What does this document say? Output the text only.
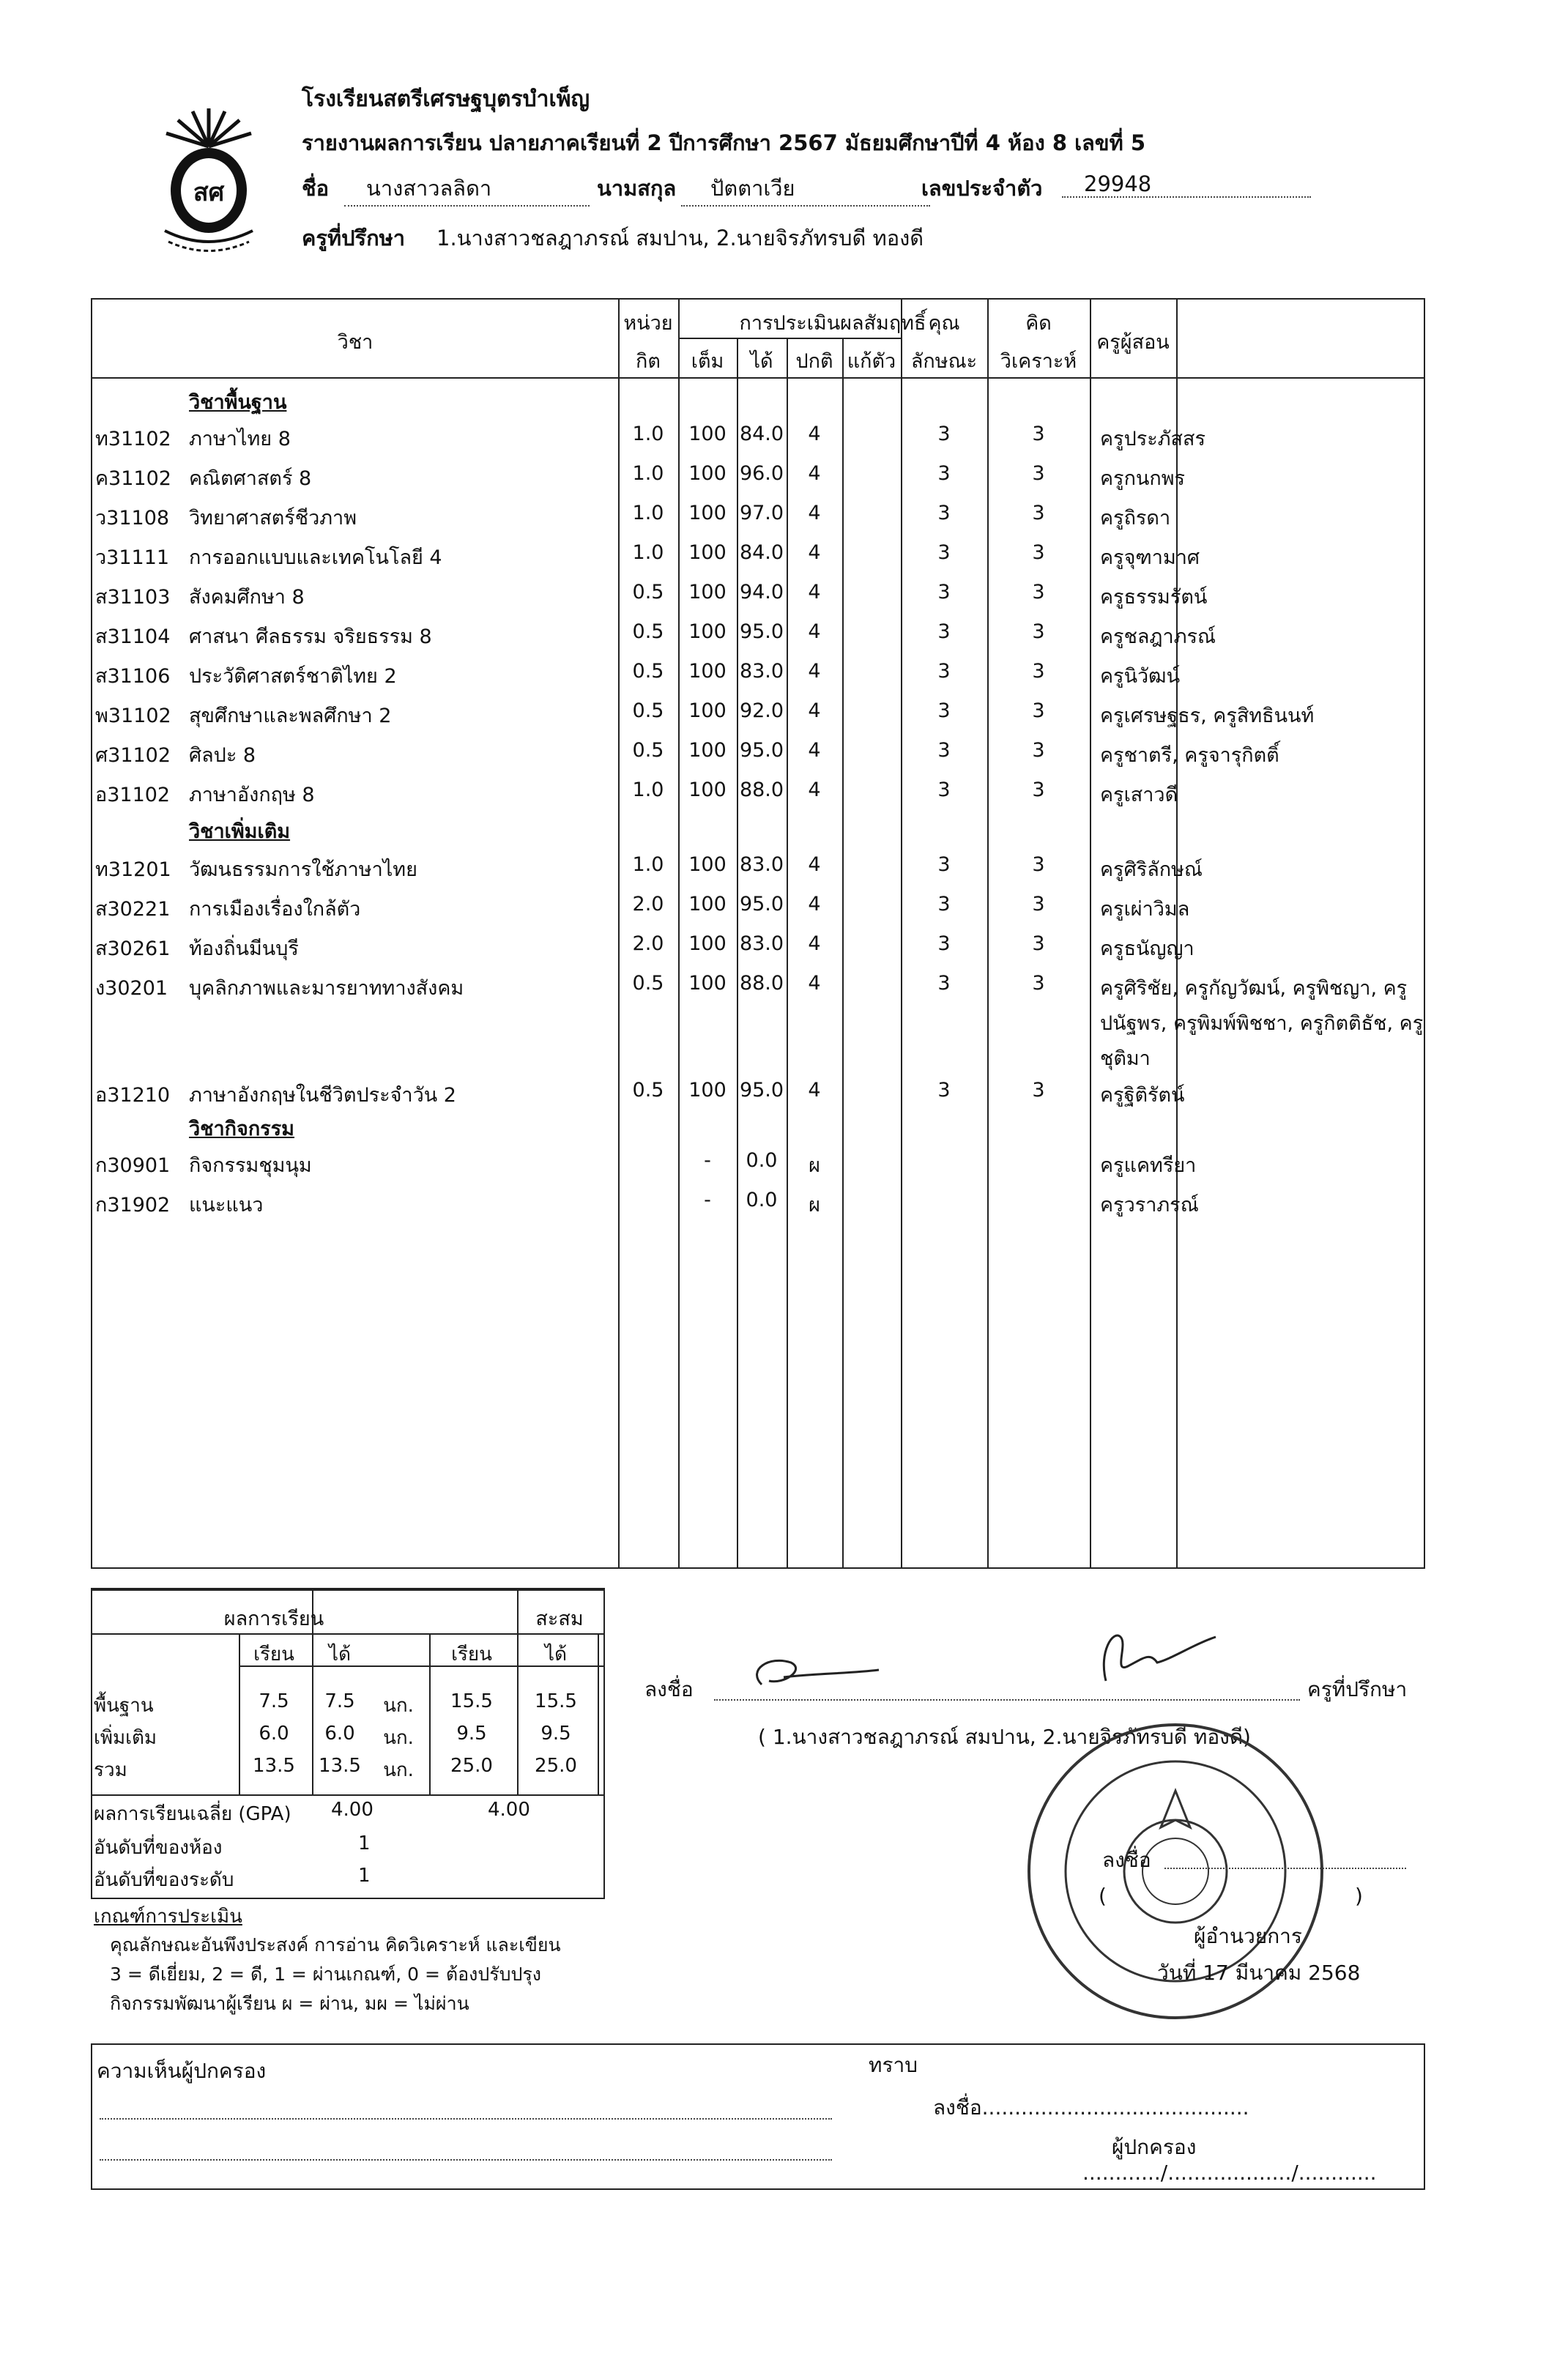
สศ
โรงเรียนสตรีเศรษฐบุตรบำเพ็ญ
รายงานผลการเรียน ปลายภาคเรียนที่ 2 ปีการศึกษา 2567 มัธยมศึกษาปีที่ 4 ห้อง 8 เลขที่ 5
ชื่อ	นางสาวลลิดา	นามสกุล	ปัตตาเวีย	เลขประจำตัว	29948
ครูที่ปรึกษา 1.นางสาวชลฎาภรณ์ สมปาน, 2.นายจิรภัทรบดี ทองดี
วิชา
หน่วย
กิต
การประเมินผลสัมฤทธิ์
เต็ม	ได้	ปกติ แก้ตัว
คุณ
ลักษณะ
คิด
วิเคราะห์
ครูผู้สอน
วิชาพื้นฐาน
วิชาเพิ่มเติม
วิชากิจกรรม
ท31102 ภาษาไทย 8	1.0	100 84.0	4	3	3	ครูประภัสสร
ค31102 คณิตศาสตร์ 8	1.0	100 96.0	4	3	3	ครูกนกพร
ว31108 วิทยาศาสตร์ชีวภาพ	1.0	100 97.0	4	3	3	ครูถิรดา
ว31111 การออกแบบและเทคโนโลยี 4	1.0	100 84.0	4	3	3	ครูจุฑามาศ
ส31103 สังคมศึกษา 8	0.5	100 94.0	4	3	3	ครูธรรมรัตน์
ส31104 ศาสนา ศีลธรรม จริยธรรม 8	0.5	100 95.0	4	3	3	ครูชลฎาภรณ์
ส31106 ประวัติศาสตร์ชาติไทย 2	0.5	100 83.0	4	3	3	ครูนิวัฒน์
พ31102 สุขศึกษาและพลศึกษา 2	0.5	100 92.0	4	3	3	ครูเศรษฐธร, ครูสิทธินนท์
ศ31102 ศิลปะ 8	0.5	100 95.0	4	3	3	ครูชาตรี, ครูจารุกิตติ์
อ31102 ภาษาอังกฤษ 8	1.0	100 88.0	4	3	3	ครูเสาวดี
ท31201 วัฒนธรรมการใช้ภาษาไทย	1.0	100 83.0	4	3	3	ครูศิริลักษณ์
ส30221 การเมืองเรื่องใกล้ตัว	2.0	100 95.0	4	3	3	ครูเผ่าวิมล
ส30261 ท้องถิ่นมีนบุรี	2.0	100 83.0	4	3	3	ครูธนัญญา
ง30201 บุคลิกภาพและมารยาททางสังคม	0.5	100 88.0	4	3	3	ครูศิริชัย, ครูกัญวัฒน์, ครูพิชญา, ครู
ปนัฐพร, ครูพิมพ์พิชชา, ครูกิตติธัช, ครู
ชุติมา
อ31210 ภาษาอังกฤษในชีวิตประจำวัน 2	0.5	100 95.0	4	3	3	ครูฐิติรัตน์
ก30901 กิจกรรมชุมนุม	-	0.0	ผ	ครูแคทรียา
ก31902 แนะแนว	-	0.0	ผ	ครูวราภรณ์
ผลการเรียน	สะสม
เรียน	ได้	เรียน	ได้
ผลการเรียนเฉลี่ย (GPA) 4.00	4.00
อันดับที่ของห้อง	1
อันดับที่ของระดับ	1
พื้นฐาน	7.5	7.5	นก.	15.5	15.5
เพิ่มเติม	6.0	6.0	นก.	9.5	9.5
รวม	13.5	13.5	นก.	25.0	25.0
เกณฑ์การประเมิน
คุณลักษณะอันพึงประสงค์ การอ่าน คิดวิเคราะห์ และเขียน
3 = ดีเยี่ยม, 2 = ดี, 1 = ผ่านเกณฑ์, 0 = ต้องปรับปรุง
กิจกรรมพัฒนาผู้เรียน ผ = ผ่าน, มผ = ไม่ผ่าน
ลงชื่อ	ครูที่ปรึกษา
( 1.นางสาวชลฎาภรณ์ สมปาน, 2.นายจิรภัทรบดี ทองดี)
ลงชื่อ
(	)
ผู้อำนวยการ
วันที่ 17 มีนาคม 2568
ความเห็นผู้ปกครอง	ทราบ
ลงชื่อ.........................................
ผู้ปกครอง
............/.................../............
